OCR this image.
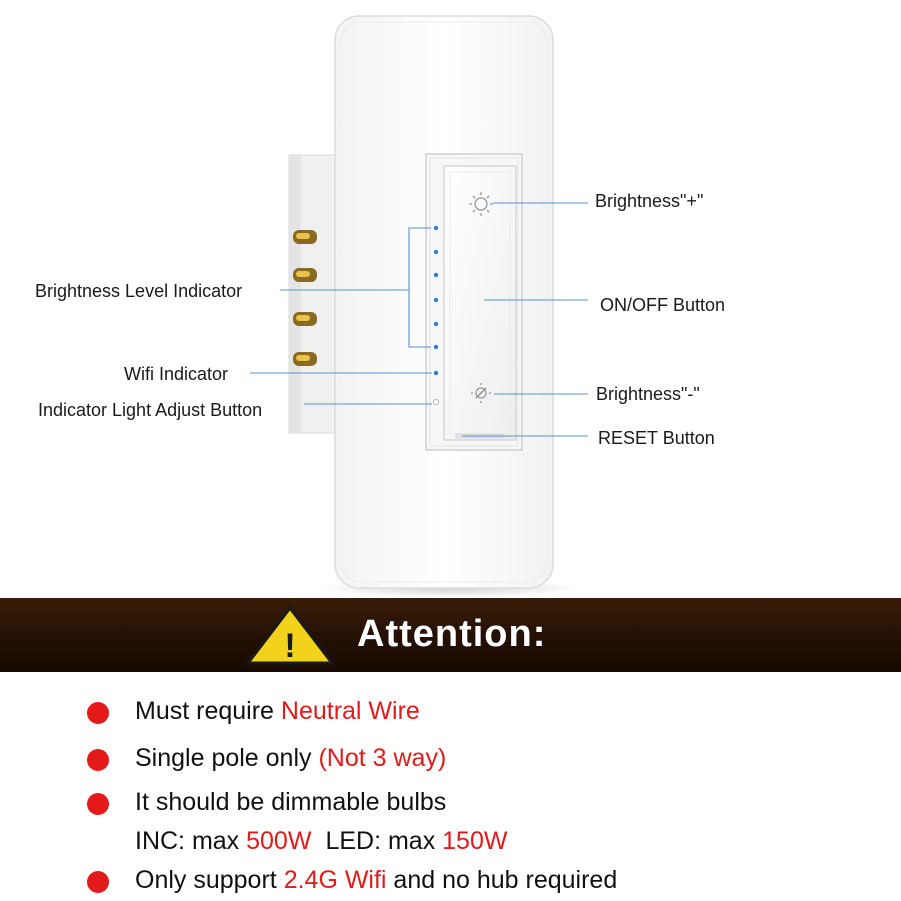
Brightness"+"
ON/OFF Button
Brightness"-"
RESET Button
Brightness Level Indicator
Wifi Indicator
Indicator Light Adjust Button
! Attention:
Must require Neutral Wire
Single pole only (Not 3 way)
It should be dimmable bulbs
INC: max 500W LED: max 150W
Only support 2.4G Wifi and no hub required
